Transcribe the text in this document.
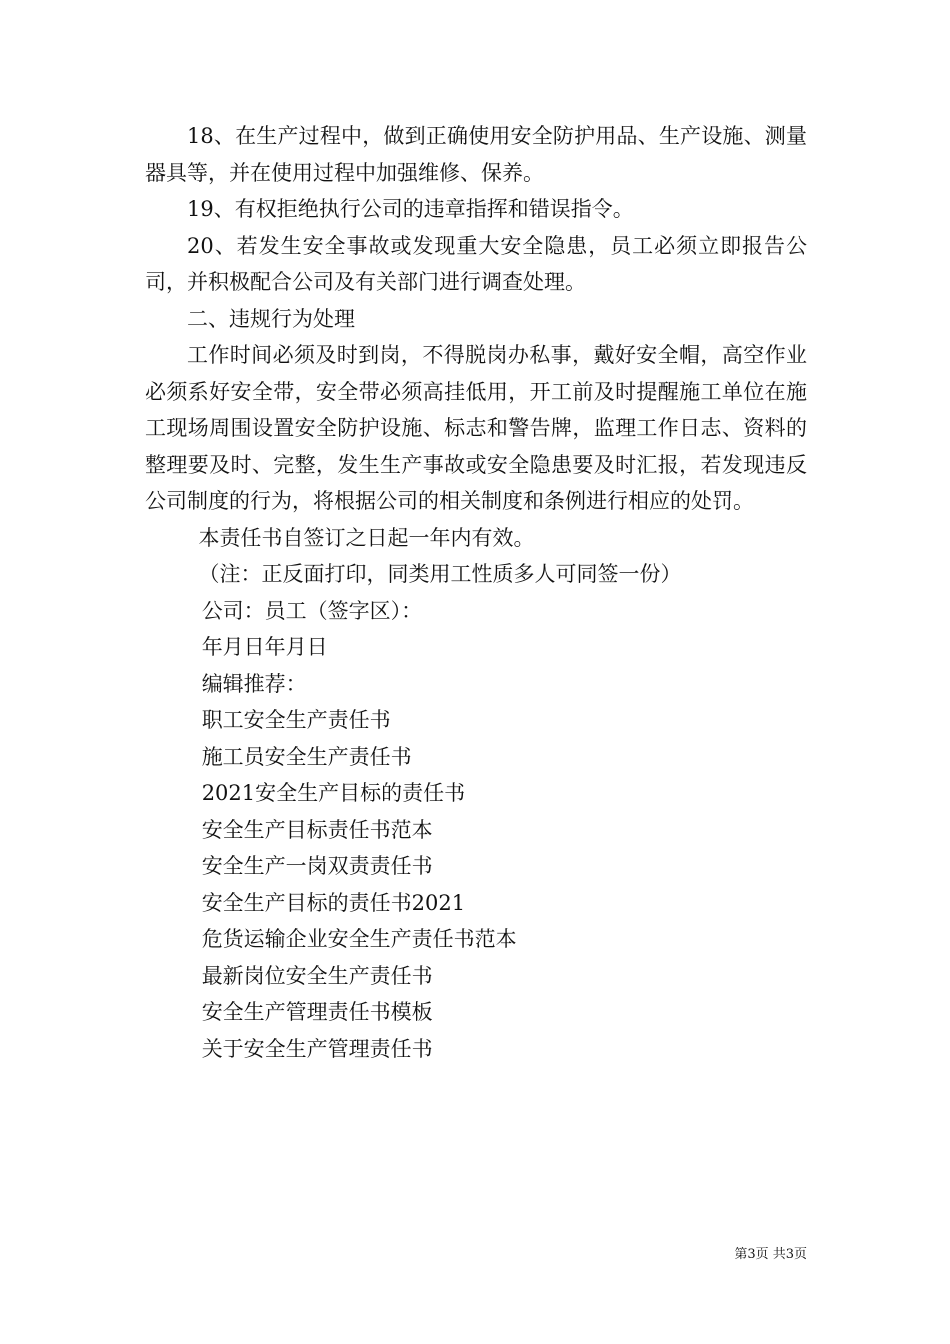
18、在生产过程中，做到正确使用安全防护用品、生产设施、测量器具等，并在使用过程中加强维修、保养。

19、有权拒绝执行公司的违章指挥和错误指令。

20、若发生安全事故或发现重大安全隐患，员工必须立即报告公司，并积极配合公司及有关部门进行调查处理。

二、违规行为处理

工作时间必须及时到岗，不得脱岗办私事，戴好安全帽，高空作业必须系好安全带，安全带必须高挂低用，开工前及时提醒施工单位在施工现场周围设置安全防护设施、标志和警告牌，监理工作日志、资料的整理要及时、完整，发生生产事故或安全隐患要及时汇报，若发现违反公司制度的行为，将根据公司的相关制度和条例进行相应的处罚。

本责任书自签订之日起一年内有效。

（注：正反面打印，同类用工性质多人可同签一份）

公司：员工（签字区）：

年月日年月日

编辑推荐：

职工安全生产责任书

施工员安全生产责任书

2021安全生产目标的责任书

安全生产目标责任书范本

安全生产一岗双责责任书

安全生产目标的责任书2021

危货运输企业安全生产责任书范本

最新岗位安全生产责任书

安全生产管理责任书模板

关于安全生产管理责任书

第3页 共3页
